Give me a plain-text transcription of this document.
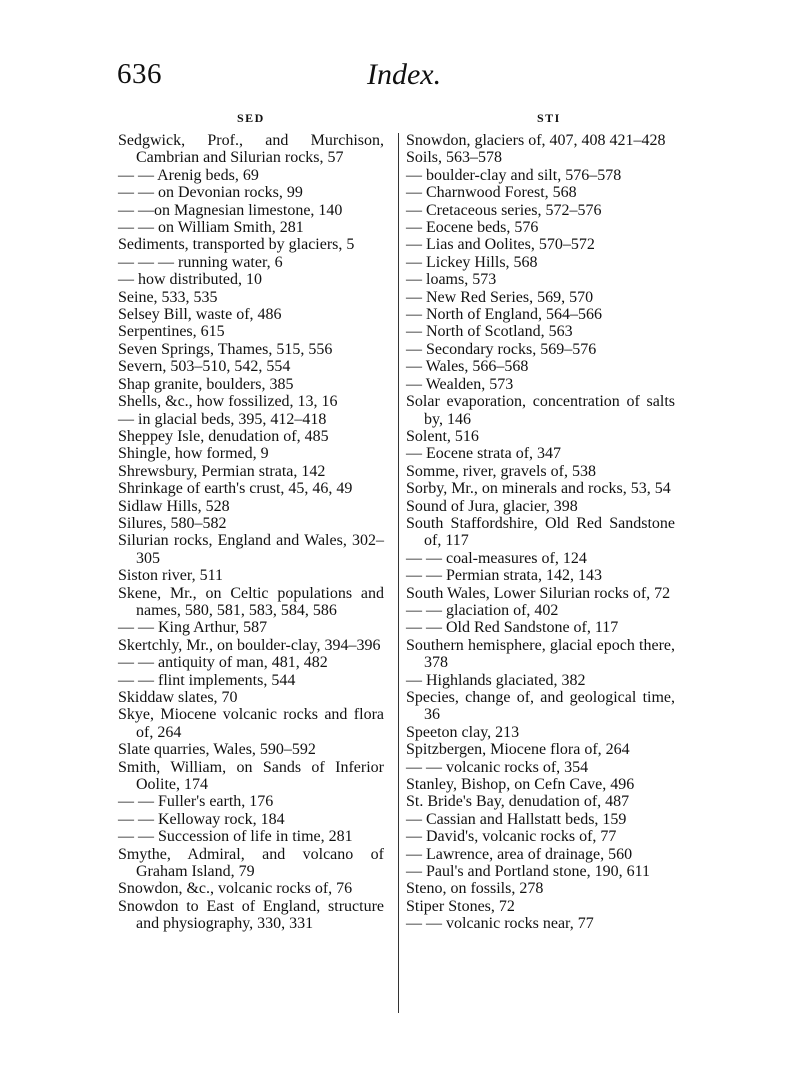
636	Index.
SED	STI
Sedgwick, Prof., and Murchison, Cambrian and Silurian rocks, 57
— — Arenig beds, 69
— — on Devonian rocks, 99
— —on Magnesian limestone, 140
— — on William Smith, 281
Sediments, transported by glaciers, 5
— — — running water, 6
— how distributed, 10
Seine, 533, 535
Selsey Bill, waste of, 486
Serpentines, 615
Seven Springs, Thames, 515, 556
Severn, 503–510, 542, 554
Shap granite, boulders, 385
Shells, &c., how fossilized, 13, 16
— in glacial beds, 395, 412–418
Sheppey Isle, denudation of, 485
Shingle, how formed, 9
Shrewsbury, Permian strata, 142
Shrinkage of earth's crust, 45, 46, 49
Sidlaw Hills, 528
Silures, 580–582
Silurian rocks, England and Wales, 302–305
Siston river, 511
Skene, Mr., on Celtic populations and names, 580, 581, 583, 584, 586
— — King Arthur, 587
Skertchly, Mr., on boulder-clay, 394–396
— — antiquity of man, 481, 482
— — flint implements, 544
Skiddaw slates, 70
Skye, Miocene volcanic rocks and flora of, 264
Slate quarries, Wales, 590–592
Smith, William, on Sands of Inferior Oolite, 174
— — Fuller's earth, 176
— — Kelloway rock, 184
— — Succession of life in time, 281
Smythe, Admiral, and volcano of Graham Island, 79
Snowdon, &c., volcanic rocks of, 76
Snowdon to East of England, structure and physiography, 330, 331
Snowdon, glaciers of, 407, 408 421–428
Soils, 563–578
— boulder-clay and silt, 576–578
— Charnwood Forest, 568
— Cretaceous series, 572–576
— Eocene beds, 576
— Lias and Oolites, 570–572
— Lickey Hills, 568
— loams, 573
— New Red Series, 569, 570
— North of England, 564–566
— North of Scotland, 563
— Secondary rocks, 569–576
— Wales, 566–568
— Wealden, 573
Solar evaporation, concentration of salts by, 146
Solent, 516
— Eocene strata of, 347
Somme, river, gravels of, 538
Sorby, Mr., on minerals and rocks, 53, 54
Sound of Jura, glacier, 398
South Staffordshire, Old Red Sandstone of, 117
— — coal-measures of, 124
— — Permian strata, 142, 143
South Wales, Lower Silurian rocks of, 72
— — glaciation of, 402
— — Old Red Sandstone of, 117
Southern hemisphere, glacial epoch there, 378
— Highlands glaciated, 382
Species, change of, and geological time, 36
Speeton clay, 213
Spitzbergen, Miocene flora of, 264
— — volcanic rocks of, 354
Stanley, Bishop, on Cefn Cave, 496
St. Bride's Bay, denudation of, 487
— Cassian and Hallstatt beds, 159
— David's, volcanic rocks of, 77
— Lawrence, area of drainage, 560
— Paul's and Portland stone, 190, 611
Steno, on fossils, 278
Stiper Stones, 72
— — volcanic rocks near, 77
